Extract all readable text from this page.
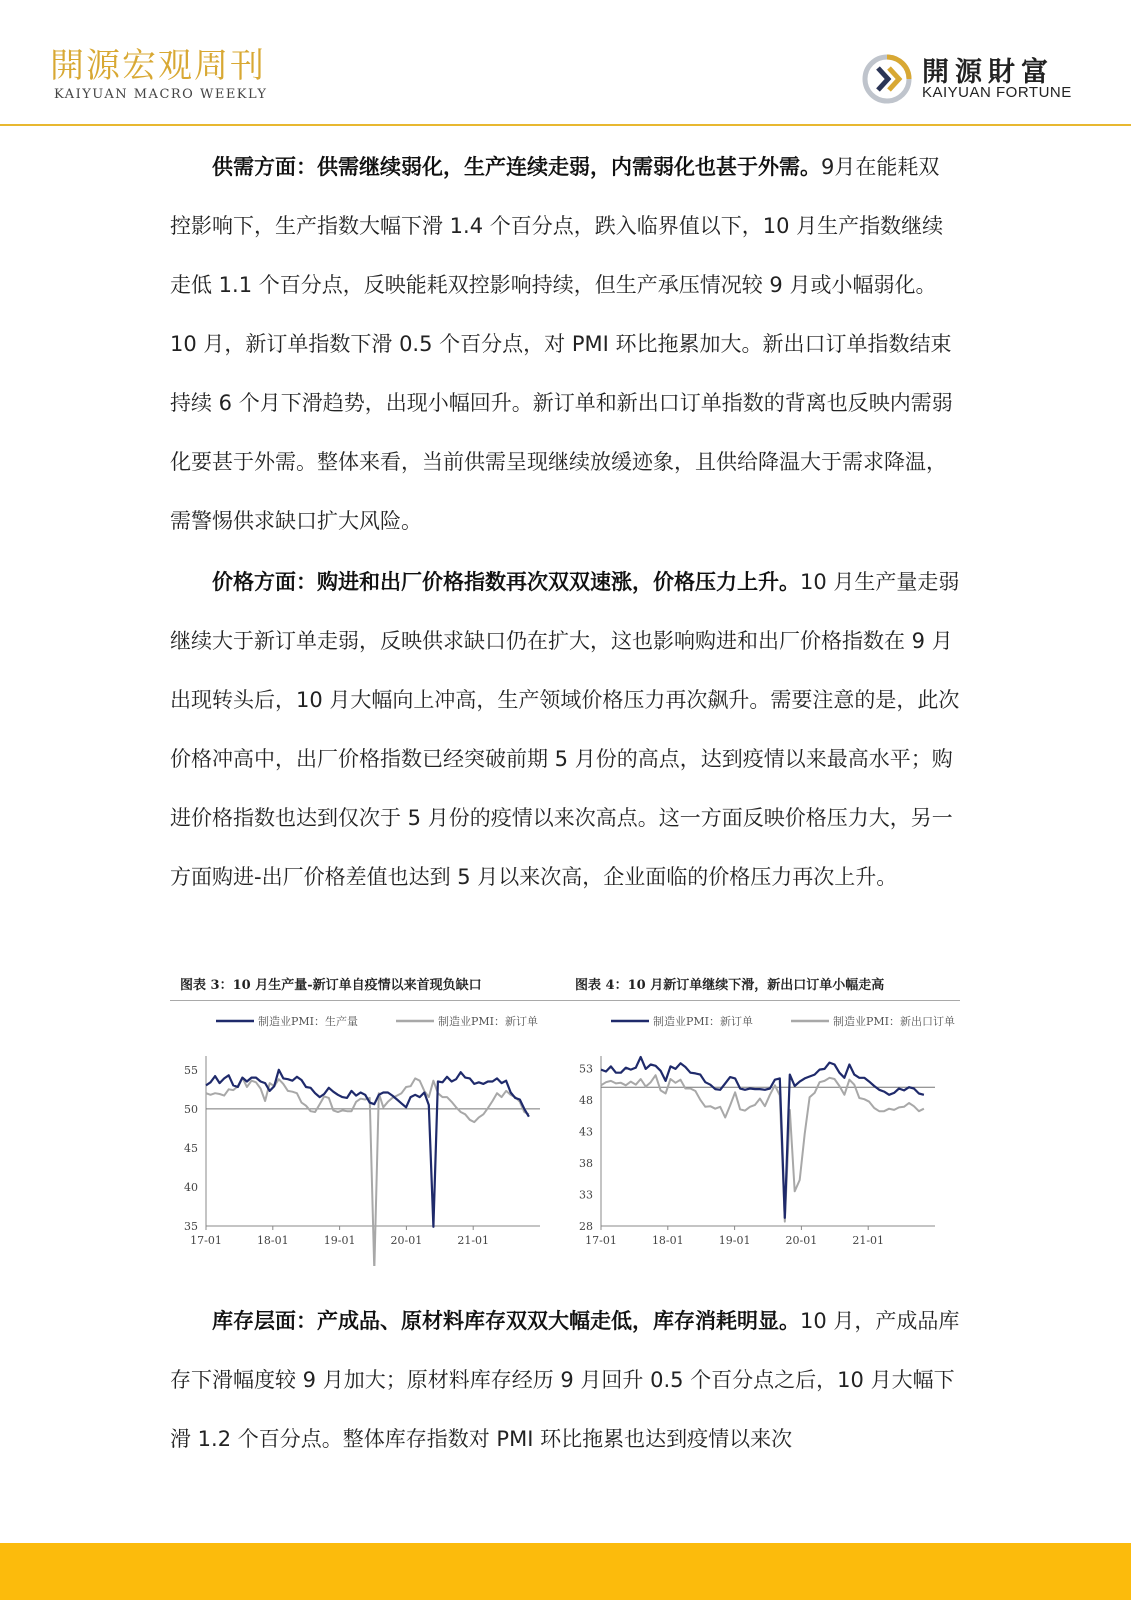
開源宏观周刊
KAIYUAN MACRO WEEKLY
開源財富
KAIYUAN FORTUNE
供需方面：供需继续弱化，生产连续走弱，内需弱化也甚于外需。9月在能耗双控影响下，生产指数大幅下滑 1.4 个百分点，跌入临界值以下，10 月生产指数继续走低 1.1 个百分点，反映能耗双控影响持续，但生产承压情况较 9 月或小幅弱化。10 月，新订单指数下滑 0.5 个百分点，对 PMI 环比拖累加大。新出口订单指数结束持续 6 个月下滑趋势，出现小幅回升。新订单和新出口订单指数的背离也反映内需弱化要甚于外需。整体来看，当前供需呈现继续放缓迹象，且供给降温大于需求降温，需警惕供求缺口扩大风险。
价格方面：购进和出厂价格指数再次双双速涨，价格压力上升。10 月生产量走弱继续大于新订单走弱，反映供求缺口仍在扩大，这也影响购进和出厂价格指数在 9 月出现转头后，10 月大幅向上冲高，生产领域价格压力再次飙升。需要注意的是，此次价格冲高中，出厂价格指数已经突破前期 5 月份的高点，达到疫情以来最高水平；购进价格指数也达到仅次于 5 月份的疫情以来次高点。这一方面反映价格压力大，另一方面购进-出厂价格差值也达到 5 月以来次高，企业面临的价格压力再次上升。
图表 3：10 月生产量-新订单自疫情以来首现负缺口
制造业PMI：生产量	制造业PMI：新订单
55
50
45
40
35
17-01	18-01	19-01	20-01	21-01
图表 4：10 月新订单继续下滑，新出口订单小幅走高
制造业PMI：新订单	制造业PMI：新出口订单
53
48
43
38
33
28
17-01	18-01	19-01	20-01	21-01
库存层面：产成品、原材料库存双双大幅走低，库存消耗明显。10 月，产成品库存下滑幅度较 9 月加大；原材料库存经历 9 月回升 0.5 个百分点之后，10 月大幅下滑 1.2 个百分点。整体库存指数对 PMI 环比拖累也达到疫情以来次
